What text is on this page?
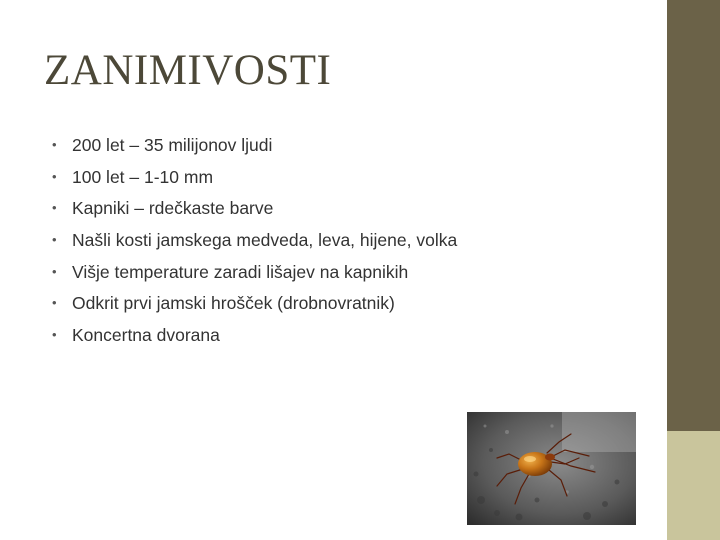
ZANIMIVOSTI
• 200 let – 35 milijonov ljudi
• 100 let – 1-10 mm
• Kapniki – rdečkaste barve
• Našli kosti jamskega medveda, leva, hijene, volka
• Višje temperature zaradi lišajev na kapnikih
• Odkrit prvi jamski hrošček (drobnovratnik)
• Koncertna dvorana
